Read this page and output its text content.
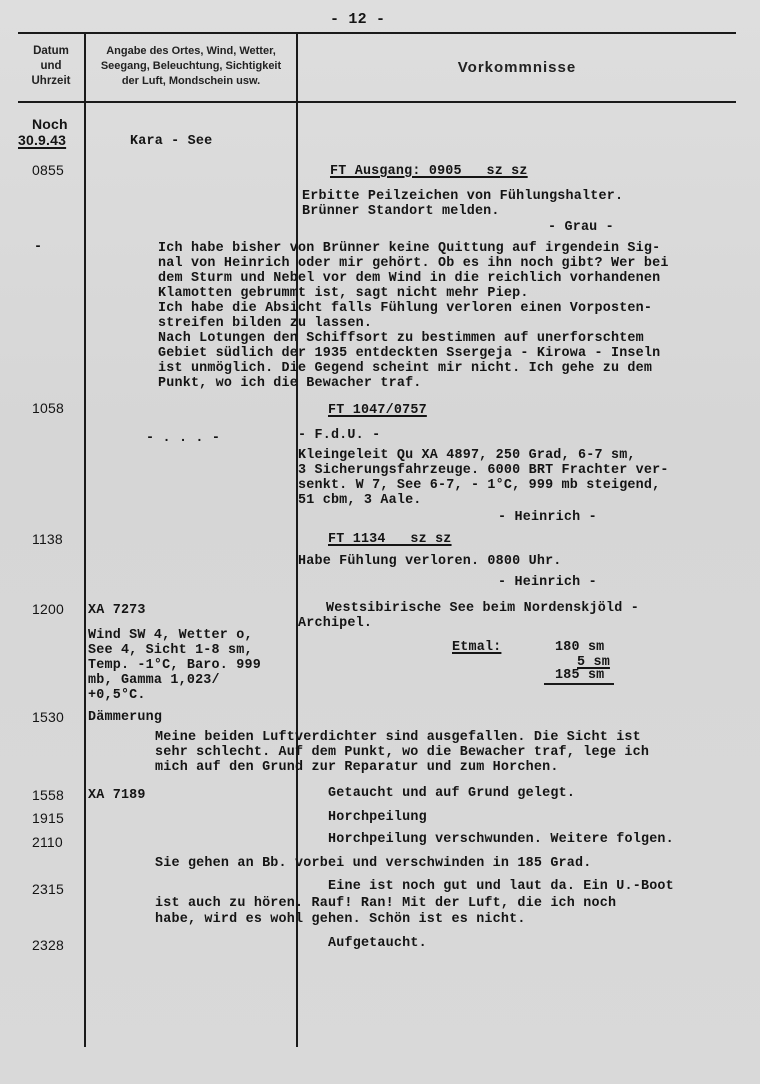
- 12 -
Datum
und
Uhrzeit
Angabe des Ortes, Wind, Wetter,
Seegang, Beleuchtung, Sichtigkeit
der Luft, Mondschein usw.
Vorkommnisse
Noch
30.9.43	Kara - See
0855	FT Ausgang: 0905   sz sz
Erbitte Peilzeichen von Fühlungshalter.
Brünner Standort melden.
- Grau -
-	Ich habe bisher von Brünner keine Quittung auf irgendein Sig-
nal von Heinrich oder mir gehört. Ob es ihn noch gibt? Wer bei
dem Sturm und Nebel vor dem Wind in die reichlich vorhandenen
Klamotten gebrummt ist, sagt nicht mehr Piep.
Ich habe die Absicht falls Fühlung verloren einen Vorposten-
streifen bilden zu lassen.
Nach Lotungen den Schiffsort zu bestimmen auf unerforschtem
Gebiet südlich der 1935 entdeckten Ssergeja - Kirowa - Inseln
ist unmöglich. Die Gegend scheint mir nicht. Ich gehe zu dem
Punkt, wo ich die Bewacher traf.
1058	FT 1047/0757
- . . . -	- F.d.U. -
Kleingeleit Qu XA 4897, 250 Grad, 6-7 sm,
3 Sicherungsfahrzeuge. 6000 BRT Frachter ver-
senkt. W 7, See 6-7, - 1°C, 999 mb steigend,
51 cbm, 3 Aale.
- Heinrich -
1138	FT 1134   sz sz
Habe Fühlung verloren. 0800 Uhr.
- Heinrich -
1200 XA 7273
Wind SW 4, Wetter o,
See 4, Sicht 1-8 sm,
Temp. -1°C, Baro. 999
mb, Gamma 1,023/
+0,5°C.
Westsibirische See beim Nordenskjöld -
Archipel.
Etmal:	180 sm
5 sm
185 sm
1530 Dämmerung
Meine beiden Luftverdichter sind ausgefallen. Die Sicht ist
sehr schlecht. Auf dem Punkt, wo die Bewacher traf, lege ich
mich auf den Grund zur Reparatur und zum Horchen.
1558 XA 7189	Getaucht und auf Grund gelegt.
1915	Horchpeilung
2110	Horchpeilung verschwunden. Weitere folgen.
Sie gehen an Bb. vorbei und verschwinden in 185 Grad.
2315	Eine ist noch gut und laut da. Ein U.-Boot
ist auch zu hören. Rauf! Ran! Mit der Luft, die ich noch
habe, wird es wohl gehen. Schön ist es nicht.
2328	Aufgetaucht.
